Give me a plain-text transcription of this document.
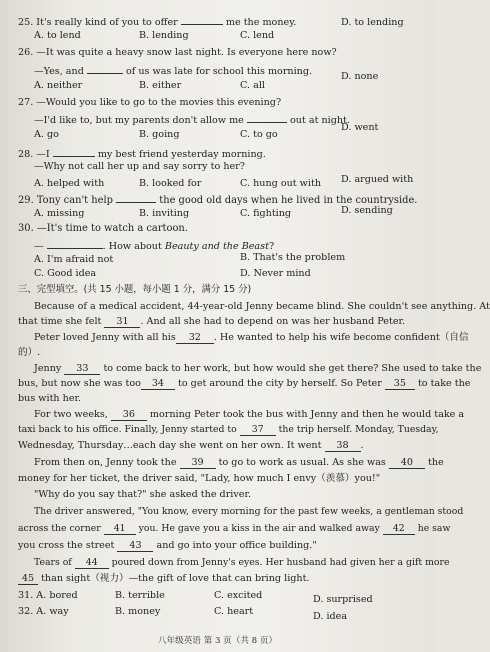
25. It's really kind of you to offer	me the money.	D. to lending
A. to lend	B. lending	C. lend
26. —It was quite a heavy snow last night. Is everyone here now?
—Yes, and	of us was late for school this morning.	D. none
A. neither	B. either	C. all
27. —Would you like to go to the movies this evening?
—I'd like to, but my parents don't allow me	out at night.
D. went
A. go	B. going	C. to go
28. —I	my best friend yesterday morning.
—Why not call her up and say sorry to her?
A. helped with	B. looked for	C. hung out with D. argued with
29. Tony can't help	the good old days when he lived in the countryside.
A. missing	B. inviting	C. fighting	D. sending
30. —It's time to watch a cartoon.
—	. How about Beauty and the Beast?
A. I'm afraid not	B. That's the problem
C. Good idea	D. Never mind
三、完型填空。(共 15 小题，每小题 1 分，满分 15 分)
Because of a medical accident, 44-year-old Jenny became blind. She couldn't see anything. At
that time she felt 31 . And all she had to depend on was her husband Peter.
Peter loved Jenny with all his 32 . He wanted to help his wife become confident（自信
的）.
Jenny 33 to come back to her work, but how would she get there? She used to take the
bus, but now she was too 34 to get around the city by herself. So Peter 35 to take the
bus with her.
For two weeks, 36 morning Peter took the bus with Jenny and then he would take a
taxi back to his office. Finally, Jenny started to 37 the trip herself. Monday, Tuesday,
Wednesday, Thursday…each day she went on her own. It went 38 .
From then on, Jenny took the 39 to go to work as usual. As she was 40 the
money for her ticket, the driver said, "Lady, how much I envy（羡慕）you!"
"Why do you say that?" she asked the driver.
The driver answered, "You know, every morning for the past few weeks, a gentleman stood
across the corner 41 you. He gave you a kiss in the air and walked away 42 he saw
you cross the street 43 and go into your office building."
Tears of 44 poured down from Jenny's eyes. Her husband had given her a gift more
45 than sight（视力）—the gift of love that can bring light.
31. A. bored	B. terrible	C. excited	D. surprised
32. A. way	B. money	C. heart	D. idea
八年级英语 第 3 页（共 8 页）
